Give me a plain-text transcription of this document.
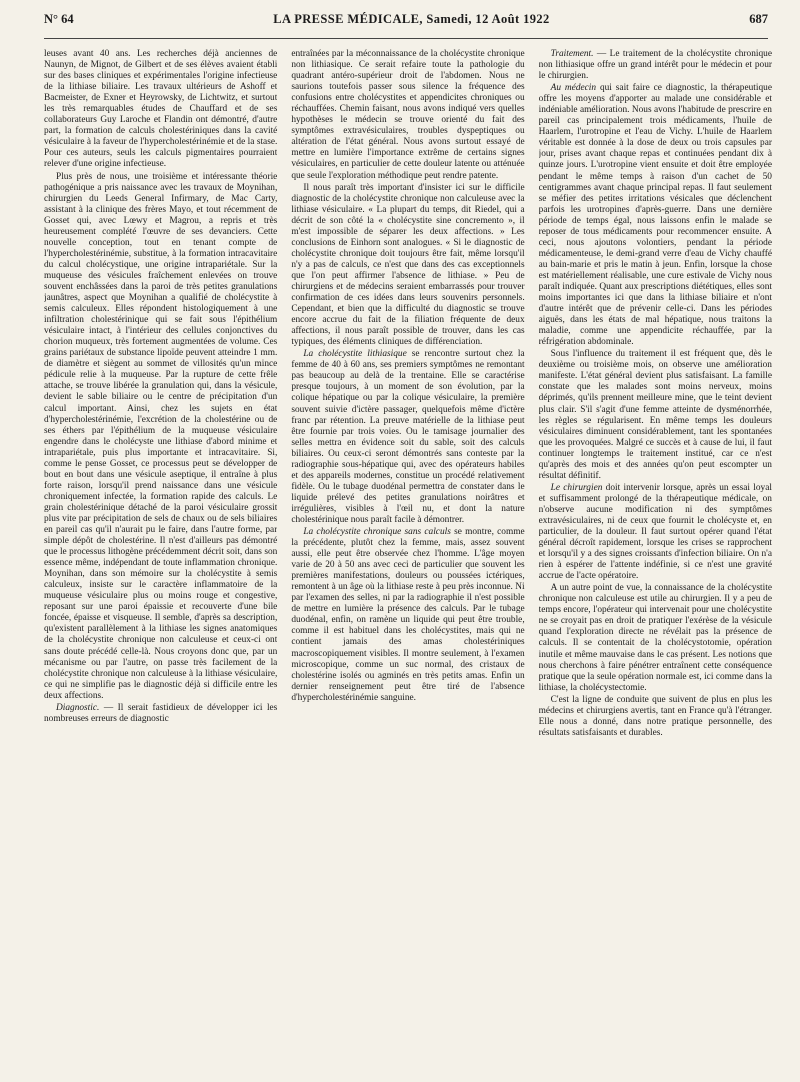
N° 64	LA PRESSE MÉDICALE, Samedi, 12 Août 1922	687

leuses avant 40 ans. Les recherches déjà anciennes de Naunyn, de Mignot, de Gilbert et de ses élèves avaient établi sur des bases cliniques et expérimentales l'origine infectieuse de la lithiase biliaire. Les travaux ultérieurs de Ashoff et Bacmeister, de Exner et Heyrowsky, de Lichtwitz, et surtout les très remarquables études de Chauffard et de ses collaborateurs Guy Laroche et Flandin ont démontré, d'autre part, la formation de calculs cholestériniques dans la cavité vésiculaire à la faveur de l'hypercholestérinémie et de la stase. Pour ces auteurs, seuls les calculs pigmentaires pourraient relever d'une origine infectieuse.

Plus près de nous, une troisième et intéressante théorie pathogénique a pris naissance avec les travaux de Moynihan, chirurgien du Leeds General Infirmary, de Mac Carty, assistant à la clinique des frères Mayo, et tout récemment de Gosset qui, avec Lœwy et Magrou, a repris et très heureusement complété l'œuvre de ses devanciers. Cette nouvelle conception, tout en tenant compte de l'hypercholestérinémie, substitue, à la formation intracavitaire du calcul cholécystique, une origine intrapariétale. Sur la muqueuse des vésicules fraîchement enlevées on trouve souvent enchâssées dans la paroi de très petites granulations jaunâtres, aspect que Moynihan a qualifié de cholécystite à semis calculeux. Elles répondent histologiquement à une infiltration cholestérinique qui se fait sous l'épithélium vésiculaire intact, à l'intérieur des cellules conjonctives du chorion muqueux, très fortement augmentées de volume. Ces grains pariétaux de substance lipoïde peuvent atteindre 1 mm. de diamètre et siègent au sommet de villosités qu'un mince pédicule relie à la muqueuse. Par la rupture de cette frêle attache, se trouve libérée la granulation qui, dans la vésicule, devient le sable biliaire ou le centre de précipitation d'un calcul important. Ainsi, chez les sujets en état d'hypercholestérinémie, l'excrétion de la cholestérine ou de ses éthers par l'épithélium de la muqueuse vésiculaire engendre dans le cholécyste une lithiase d'abord minime et intrapariétale, puis plus importante et intracavitaire. Si, comme le pense Gosset, ce processus peut se développer de bout en bout dans une vésicule aseptique, il entraîne à plus forte raison, lorsqu'il prend naissance dans une vésicule chroniquement infectée, la formation rapide des calculs. Le grain cholestérinique détaché de la paroi vésiculaire grossit plus vite par précipitation de sels de chaux ou de sels biliaires en pareil cas qu'il n'aurait pu le faire, dans l'autre forme, par simple dépôt de cholestérine. Il n'est d'ailleurs pas démontré que le processus lithogène précédemment décrit soit, dans son essence même, indépendant de toute inflammation chronique. Moynihan, dans son mémoire sur la cholécystite à semis calculeux, insiste sur le caractère inflammatoire de la muqueuse vésiculaire plus ou moins rouge et congestive, reposant sur une paroi épaissie et recouverte d'une bile foncée, épaisse et visqueuse. Il semble, d'après sa description, qu'existent parallèlement à la lithiase les signes anatomiques de la cholécystite chronique non calculeuse et ceux-ci ont sans doute précédé celle-là. Nous croyons donc que, par un mécanisme ou par l'autre, on passe très facilement de la cholécystite chronique non calculeuse à la lithiase vésiculaire, ce qui ne simplifie pas le diagnostic déjà si difficile entre les deux affections.

Diagnostic. — Il serait fastidieux de développer ici les nombreuses erreurs de diagnostic

entraînées par la méconnaissance de la cholécystite chronique non lithiasique. Ce serait refaire toute la pathologie du quadrant antéro-supérieur droit de l'abdomen. Nous ne saurions toutefois passer sous silence la fréquence des confusions entre cholécystites et appendicites chroniques ou réchauffées. Chemin faisant, nous avons indiqué vers quelles hypothèses le médecin se trouve orienté du fait des symptômes extravésiculaires, troubles dyspeptiques ou altération de l'état général. Nous avons surtout essayé de mettre en lumière l'importance extrême de certains signes vésiculaires, en particulier de cette douleur latente ou atténuée que seule l'exploration méthodique peut rendre patente.

Il nous paraît très important d'insister ici sur le difficile diagnostic de la cholécystite chronique non calculeuse avec la lithiase vésiculaire. « La plupart du temps, dit Riedel, qui a décrit de son côté la « cholécystite sine concremento », il m'est impossible de séparer les deux affections. » Les conclusions de Einhorn sont analogues. « Si le diagnostic de cholécystite chronique doit toujours être fait, même lorsqu'il n'y a pas de calculs, ce n'est que dans des cas exceptionnels que l'on peut affirmer l'absence de lithiase. » Peu de chirurgiens et de médecins seraient embarrassés pour trouver confirmation de ces idées dans leurs souvenirs personnels. Cependant, et bien que la difficulté du diagnostic se trouve encore accrue du fait de la filiation fréquente de deux affections, il nous paraît possible de trouver, dans les cas typiques, des éléments cliniques de différenciation.

La cholécystite lithiasique se rencontre surtout chez la femme de 40 à 60 ans, ses premiers symptômes ne remontant pas beaucoup au delà de la trentaine. Elle se caractérise presque toujours, à un moment de son évolution, par la colique hépatique ou par la colique vésiculaire, la première souvent suivie d'ictère passager, quelquefois même d'ictère franc par rétention. La preuve matérielle de la lithiase peut être fournie par trois voies. Ou le tamisage journalier des selles mettra en évidence soit du sable, soit des calculs biliaires. Ou ceux-ci seront démontrés sans conteste par la radiographie sous-hépatique qui, avec des opérateurs habiles et des appareils modernes, constitue un procédé relativement fidèle. Ou le tubage duodénal permettra de constater dans le liquide prélevé des petites granulations noirâtres et irrégulières, visibles à l'œil nu, et dont la nature cholestérinique nous paraît facile à démontrer.

La cholécystite chronique sans calculs se montre, comme la précédente, plutôt chez la femme, mais, assez souvent aussi, elle peut être observée chez l'homme. L'âge moyen varie de 20 à 50 ans avec ceci de particulier que souvent les premières manifestations, douleurs ou poussées ictériques, remontent à un âge où la lithiase reste à peu près inconnue. Ni par l'examen des selles, ni par la radiographie il n'est possible de mettre en lumière la présence des calculs. Par le tubage duodénal, enfin, on ramène un liquide qui peut être trouble, comme il est habituel dans les cholécystites, mais qui ne contient jamais des amas cholestériniques macroscopiquement visibles. Il montre seulement, à l'examen microscopique, comme un suc normal, des cristaux de cholestérine isolés ou agminés en très petits amas. Enfin un dernier renseignement peut être tiré de l'absence d'hypercholestérinémie sanguine.

Traitement. — Le traitement de la cholécystite chronique non lithiasique offre un grand intérêt pour le médecin et pour le chirurgien.

Au médecin qui sait faire ce diagnostic, la thérapeutique offre les moyens d'apporter au malade une considérable et indéniable amélioration. Nous avons l'habitude de prescrire en pareil cas principalement trois médicaments, l'huile de Haarlem, l'urotropine et l'eau de Vichy. L'huile de Haarlem véritable est donnée à la dose de deux ou trois capsules par jour, prises avant chaque repas et continuées pendant dix à quinze jours. L'urotropine vient ensuite et doit être employée pendant le même temps à raison d'un cachet de 50 centigrammes avant chaque principal repas. Il faut seulement se méfier des petites irritations vésicales que déclenchent parfois les urotropines d'après-guerre. Dans une dernière période de temps égal, nous laissons enfin le malade se reposer de tous médicaments pour recommencer ensuite. A ceci, nous ajoutons volontiers, pendant la période médicamenteuse, le demi-grand verre d'eau de Vichy chauffé au bain-marie et pris le matin à jeun. Enfin, lorsque la chose est matériellement réalisable, une cure estivale de Vichy nous paraît indiquée. Quant aux prescriptions diététiques, elles sont moins importantes ici que dans la lithiase biliaire et n'ont d'autre intérêt que de prévenir celle-ci. Dans les périodes aiguës, dans les états de mal hépatique, nous traitons la maladie, comme une appendicite réchauffée, par la réfrigération abdominale.

Sous l'influence du traitement il est fréquent que, dès le deuxième ou troisième mois, on observe une amélioration manifeste. L'état général devient plus satisfaisant. La famille constate que les malades sont moins nerveux, moins déprimés, qu'ils prennent meilleure mine, que le teint devient plus clair. S'il s'agit d'une femme atteinte de dysménorrhée, les règles se régularisent. En même temps les douleurs vésiculaires diminuent considérablement, tant les spontanées que les provoquées. Malgré ce succès et à cause de lui, il faut continuer longtemps le traitement institué, car ce n'est qu'après des mois et des années qu'on peut escompter un résultat définitif.

Le chirurgien doit intervenir lorsque, après un essai loyal et suffisamment prolongé de la thérapeutique médicale, on n'observe aucune modification ni des symptômes extravésiculaires, ni de ceux que fournit le cholécyste et, en particulier, de la douleur. Il faut surtout opérer quand l'état général décroît rapidement, lorsque les crises se rapprochent et lorsqu'il y a des signes croissants d'infection biliaire. On n'a rien à espérer de l'attente indéfinie, si ce n'est une gravité accrue de l'acte opératoire.

A un autre point de vue, la connaissance de la cholécystite chronique non calculeuse est utile au chirurgien. Il y a peu de temps encore, l'opérateur qui intervenait pour une cholécystite ne se croyait pas en droit de pratiquer l'exérèse de la vésicule quand l'exploration directe ne révélait pas la présence de calculs. Il se contentait de la cholécystotomie, opération inutile et même mauvaise dans le cas présent. Les notions que nous cherchons à faire pénétrer entraînent cette conséquence pratique que la seule opération normale est, ici comme dans la lithiase, la cholécystectomie.

C'est la ligne de conduite que suivent de plus en plus les médecins et chirurgiens avertis, tant en France qu'à l'étranger. Elle nous a donné, dans notre pratique personnelle, des résultats satisfaisants et durables.
